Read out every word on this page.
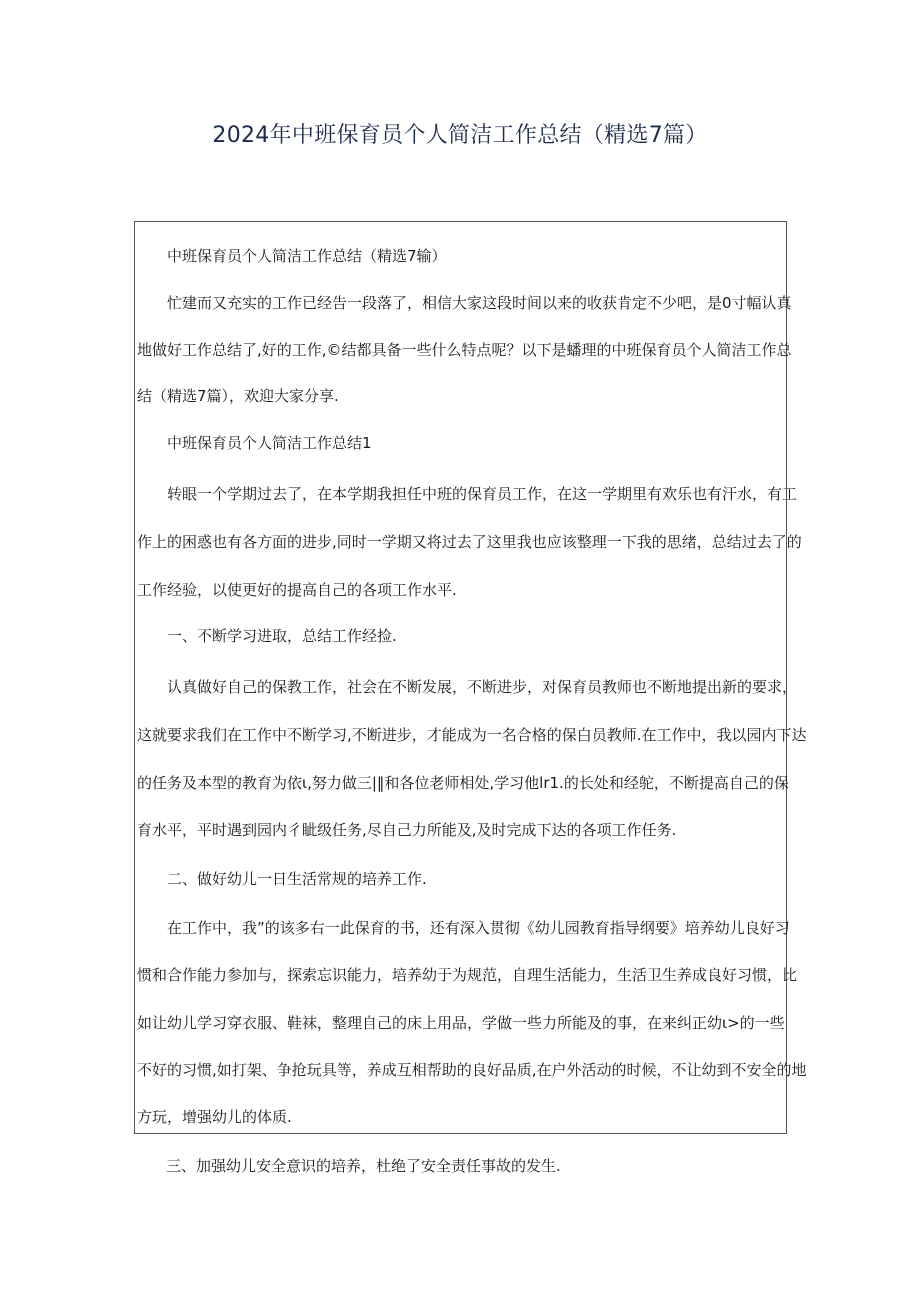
2024年中班保育员个人简洁工作总结（精选7篇）

中班保育员个人简洁工作总结（精选7输）

忙建而又充实的工作已经告一段落了，相信大家这段时间以来的收获肯定不少吧，是0寸幅认真

地做好工作总结了,好的工作,©结都具备一些什么特点呢？以下是蟠理的中班保育员个人简洁工作总

结（精选7篇），欢迎大家分享.

中班保育员个人简洁工作总结1

转眼一个学期过去了，在本学期我担任中班的保育员工作，在这一学期里有欢乐也有汗水，有工

作上的困惑也有各方面的进步,同时一学期又将过去了这里我也应该整理一下我的思绪，总结过去了的

工作经验，以使更好的提高自己的各项工作水平.

一、不断学习进取，总结工作经捡.

认真做好自己的保教工作，社会在不断发展，不断进步，对保育员教师也不断地提出新的要求，

这就要求我们在工作中不断学习,不断进步，才能成为一名合格的保白员教师.在工作中，我以园内下达

的任务及本型的教育为依ι,努力做三|‖和各位老师相处,学习他lr1.的长处和经鸵，不断提高自己的保

育水平，平时遇到园内彳眦级任务,尽自己力所能及,及时完成下达的各项工作任务.

二、做好幼儿一日生活常规的培养工作.

在工作中，我”的该多右一此保育的书，还有深入贯彻《幼儿园教育指导纲要》培养幼儿良好习

惯和合作能力参加与，探索忘识能力，培养幼于为规范，自理生活能力，生活卫生养成良好习惯，比

如让幼儿学习穿衣服、鞋袜，整理自己的床上用品，学做一些力所能及的事，在来纠正幼ι>的一些

不好的习惯,如打架、争抢玩具等，养成互相帮助的良好品质,在户外活动的时候，不让幼到不安全的地

方玩，增强幼儿的体质.

三、加强幼儿安全意识的培养，杜绝了安全责任事故的发生.
